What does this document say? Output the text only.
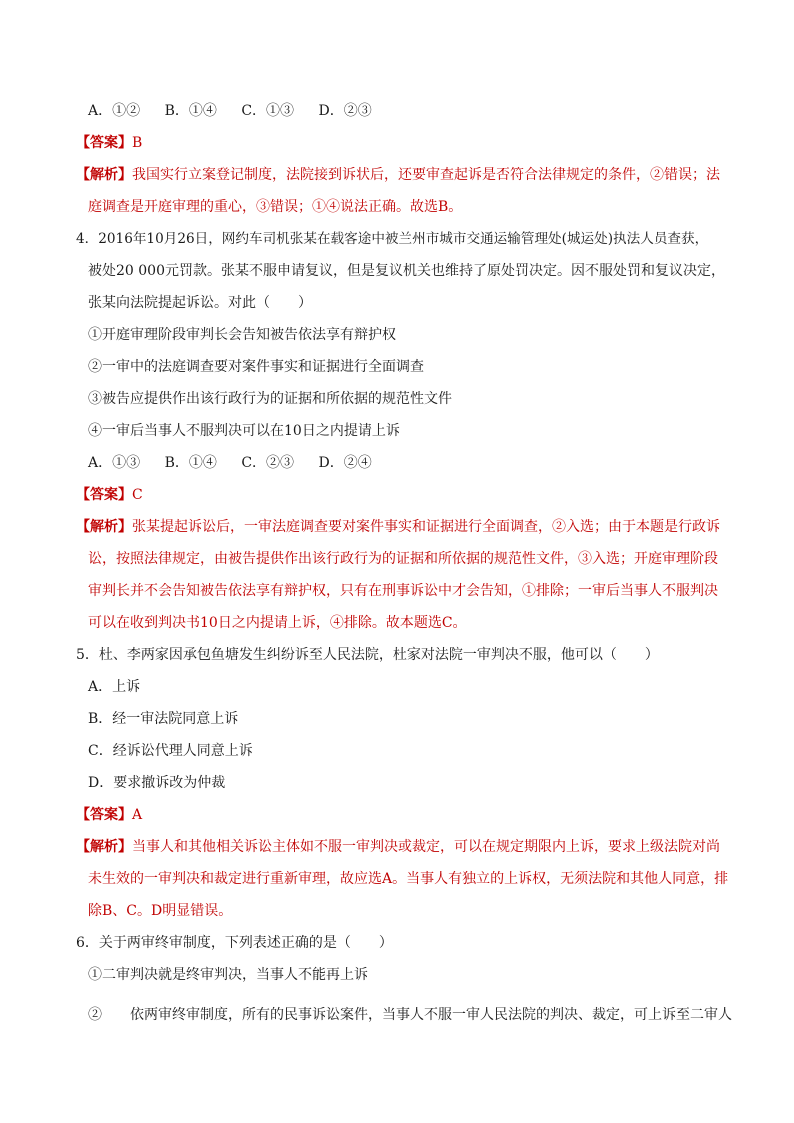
A．①② B．①④ C．①③ D．②③
【答案】B
【解析】我国实行立案登记制度，法院接到诉状后，还要审查起诉是否符合法律规定的条件，②错误；法
庭调查是开庭审理的重心，③错误；①④说法正确。故选B。
4．2016年10月26日，网约车司机张某在载客途中被兰州市城市交通运输管理处(城运处)执法人员查获，
被处20 000元罚款。张某不服申请复议，但是复议机关也维持了原处罚决定。因不服处罚和复议决定，
张某向法院提起诉讼。对此（　　）
①开庭审理阶段审判长会告知被告依法享有辩护权
②一审中的法庭调查要对案件事实和证据进行全面调查
③被告应提供作出该行政行为的证据和所依据的规范性文件
④一审后当事人不服判决可以在10日之内提请上诉
A．①③ B．①④ C．②③ D．②④
【答案】C
【解析】张某提起诉讼后，一审法庭调查要对案件事实和证据进行全面调查，②入选；由于本题是行政诉
讼，按照法律规定，由被告提供作出该行政行为的证据和所依据的规范性文件，③入选；开庭审理阶段
审判长并不会告知被告依法享有辩护权，只有在刑事诉讼中才会告知，①排除；一审后当事人不服判决
可以在收到判决书10日之内提请上诉，④排除。故本题选C。
5．杜、李两家因承包鱼塘发生纠纷诉至人民法院，杜家对法院一审判决不服，他可以（　　）
A．上诉
B．经一审法院同意上诉
C．经诉讼代理人同意上诉
D．要求撤诉改为仲裁
【答案】A
【解析】当事人和其他相关诉讼主体如不服一审判决或裁定，可以在规定期限内上诉，要求上级法院对尚
未生效的一审判决和裁定进行重新审理，故应选A。当事人有独立的上诉权，无须法院和其他人同意，排
除B、C。D明显错误。
6．关于两审终审制度，下列表述正确的是（　　）
①二审判决就是终审判决，当事人不能再上诉
②　　依两审终审制度，所有的民事诉讼案件，当事人不服一审人民法院的判决、裁定，可上诉至二审人
